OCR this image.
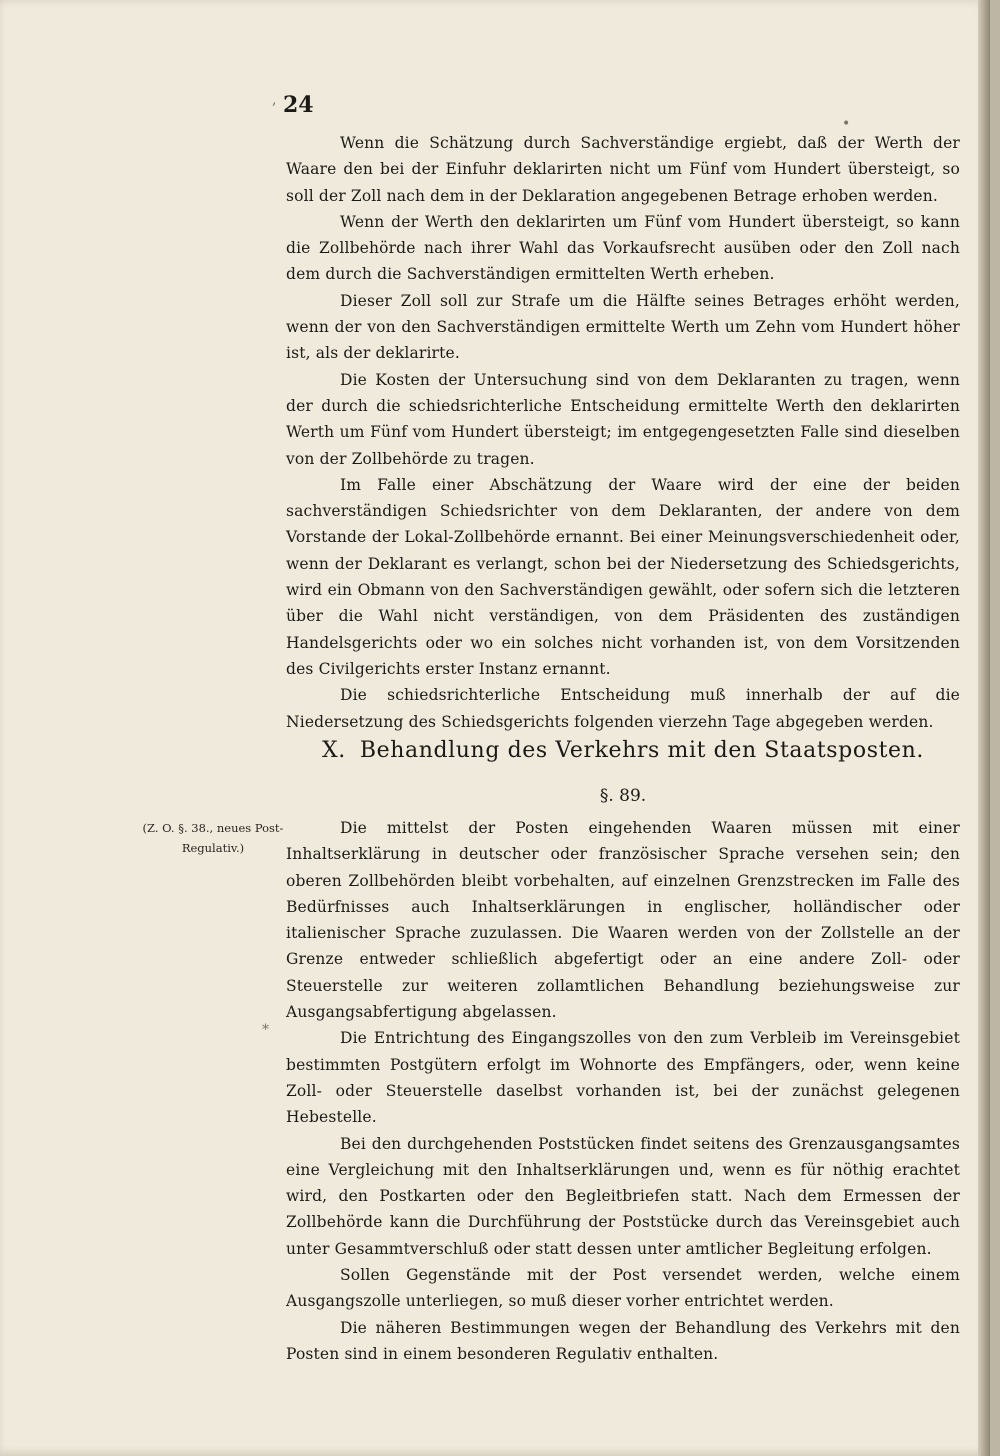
,
•
*
24

Wenn die Schätzung durch Sachverständige ergiebt, daß der Werth der Waare den bei der Einfuhr deklarirten nicht um Fünf vom Hundert übersteigt, so soll der Zoll nach dem in der Deklaration angegebenen Betrage erhoben werden.

Wenn der Werth den deklarirten um Fünf vom Hundert übersteigt, so kann die Zollbehörde nach ihrer Wahl das Vorkaufsrecht ausüben oder den Zoll nach dem durch die Sachverständigen ermittelten Werth erheben.

Dieser Zoll soll zur Strafe um die Hälfte seines Betrages erhöht werden, wenn der von den Sachverständigen ermittelte Werth um Zehn vom Hundert höher ist, als der deklarirte.

Die Kosten der Untersuchung sind von dem Deklaranten zu tragen, wenn der durch die schiedsrichterliche Entscheidung ermittelte Werth den deklarirten Werth um Fünf vom Hundert übersteigt; im entgegengesetzten Falle sind dieselben von der Zollbehörde zu tragen.

Im Falle einer Abschätzung der Waare wird der eine der beiden sachverständigen Schiedsrichter von dem Deklaranten, der andere von dem Vorstande der Lokal-Zollbehörde ernannt. Bei einer Meinungsverschiedenheit oder, wenn der Deklarant es verlangt, schon bei der Niedersetzung des Schiedsgerichts, wird ein Obmann von den Sachverständigen gewählt, oder sofern sich die letzteren über die Wahl nicht verständigen, von dem Präsidenten des zuständigen Handelsgerichts oder wo ein solches nicht vorhanden ist, von dem Vorsitzenden des Civilgerichts erster Instanz ernannt.

Die schiedsrichterliche Entscheidung muß innerhalb der auf die Niedersetzung des Schiedsgerichts folgenden vierzehn Tage abgegeben werden.

X. Behandlung des Verkehrs mit den Staatsposten.
§. 89.
(Z. O. §. 38., neues Post-Regulativ.)

Die mittelst der Posten eingehenden Waaren müssen mit einer Inhaltserklärung in deutscher oder französischer Sprache versehen sein; den oberen Zollbehörden bleibt vorbehalten, auf einzelnen Grenzstrecken im Falle des Bedürfnisses auch Inhaltserklärungen in englischer, holländischer oder italienischer Sprache zuzulassen. Die Waaren werden von der Zollstelle an der Grenze entweder schließlich abgefertigt oder an eine andere Zoll- oder Steuerstelle zur weiteren zollamtlichen Behandlung beziehungsweise zur Ausgangsabfertigung abgelassen.

Die Entrichtung des Eingangszolles von den zum Verbleib im Vereinsgebiet bestimmten Postgütern erfolgt im Wohnorte des Empfängers, oder, wenn keine Zoll- oder Steuerstelle daselbst vorhanden ist, bei der zunächst gelegenen Hebestelle.

Bei den durchgehenden Poststücken findet seitens des Grenzausgangsamtes eine Vergleichung mit den Inhaltserklärungen und, wenn es für nöthig erachtet wird, den Postkarten oder den Begleitbriefen statt. Nach dem Ermessen der Zollbehörde kann die Durchführung der Poststücke durch das Vereinsgebiet auch unter Gesammtverschluß oder statt dessen unter amtlicher Begleitung erfolgen.

Sollen Gegenstände mit der Post versendet werden, welche einem Ausgangszolle unterliegen, so muß dieser vorher entrichtet werden.

Die näheren Bestimmungen wegen der Behandlung des Verkehrs mit den Posten sind in einem besonderen Regulativ enthalten.
